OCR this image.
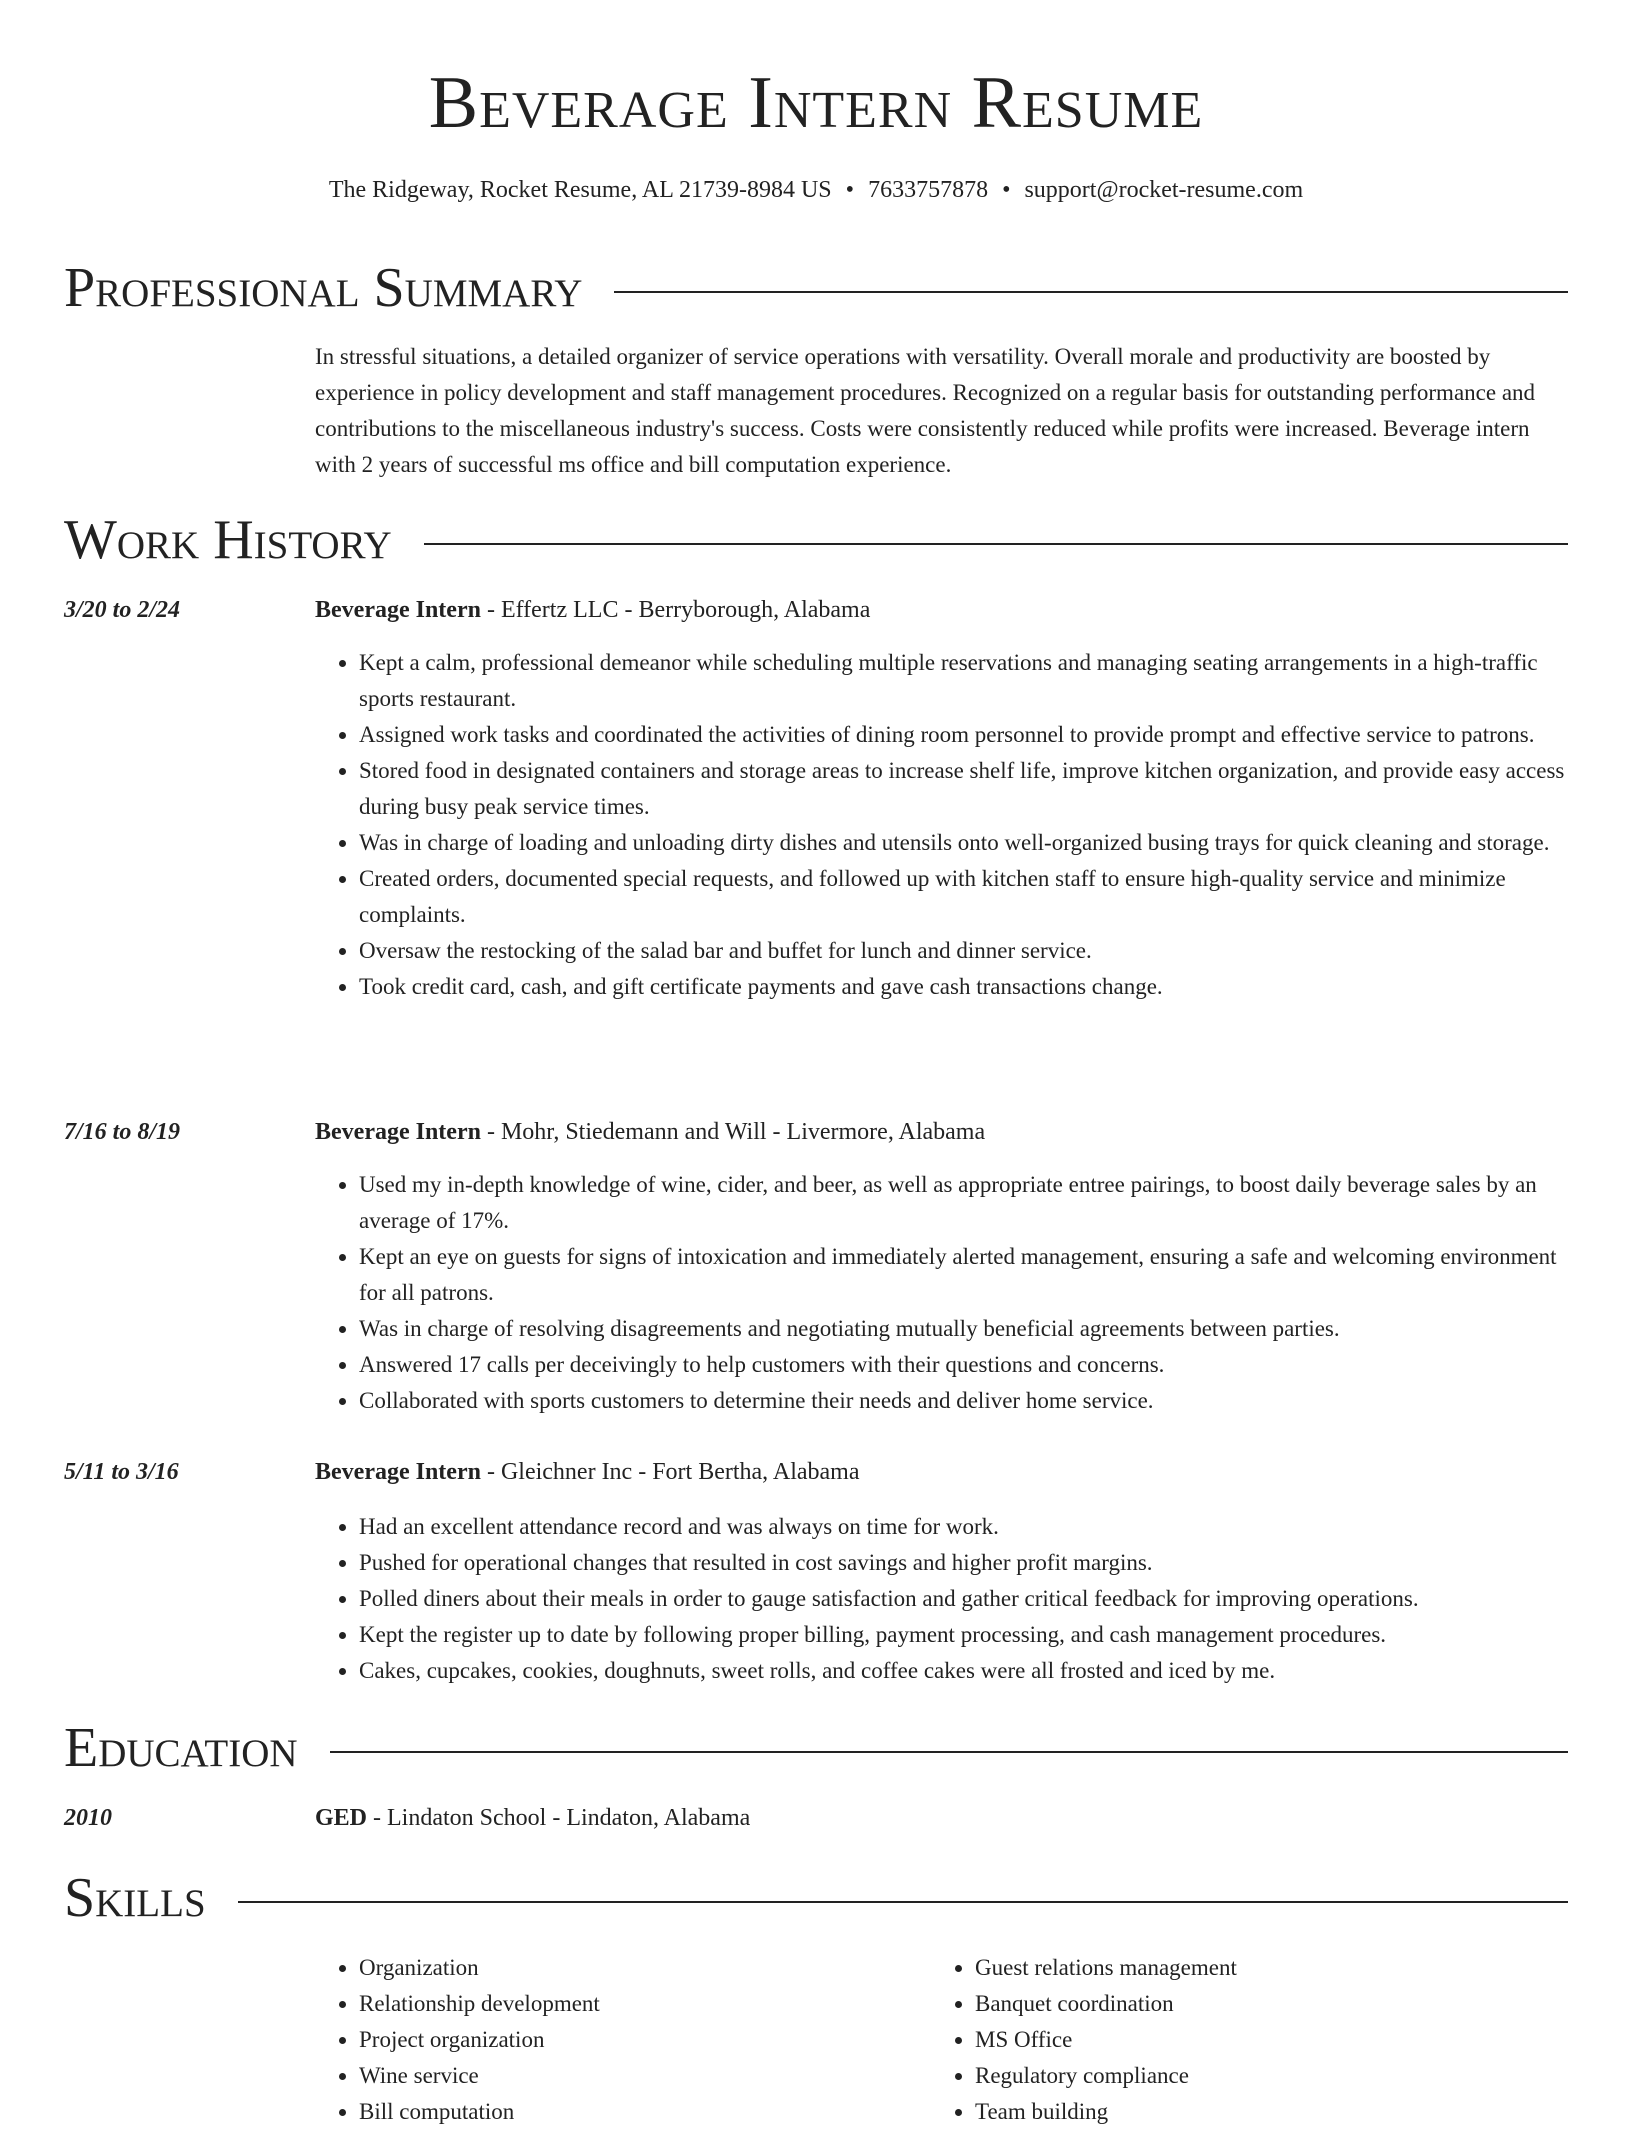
Beverage Intern Resume
The Ridgeway, Rocket Resume, AL 21739-8984 US • 7633757878 • support@rocket-resume.com
Professional Summary

In stressful situations, a detailed organizer of service operations with versatility. Overall morale and productivity are boosted by experience in policy development and staff management procedures. Recognized on a regular basis for outstanding performance and contributions to the miscellaneous industry's success. Costs were consistently reduced while profits were increased. Beverage intern with 2 years of successful ms office and bill computation experience.

Work History
3/20 to 2/24	Beverage Intern - Effertz LLC - Berryborough, Alabama
• Kept a calm, professional demeanor while scheduling multiple reservations and managing seating arrangements in a high-traffic sports restaurant.
• Assigned work tasks and coordinated the activities of dining room personnel to provide prompt and effective service to patrons.
• Stored food in designated containers and storage areas to increase shelf life, improve kitchen organization, and provide easy access during busy peak service times.
• Was in charge of loading and unloading dirty dishes and utensils onto well-organized busing trays for quick cleaning and storage.
• Created orders, documented special requests, and followed up with kitchen staff to ensure high-quality service and minimize complaints.
• Oversaw the restocking of the salad bar and buffet for lunch and dinner service.
• Took credit card, cash, and gift certificate payments and gave cash transactions change.
7/16 to 8/19	Beverage Intern - Mohr, Stiedemann and Will - Livermore, Alabama
• Used my in-depth knowledge of wine, cider, and beer, as well as appropriate entree pairings, to boost daily beverage sales by an average of 17%.
• Kept an eye on guests for signs of intoxication and immediately alerted management, ensuring a safe and welcoming environment for all patrons.
• Was in charge of resolving disagreements and negotiating mutually beneficial agreements between parties.
• Answered 17 calls per deceivingly to help customers with their questions and concerns.
• Collaborated with sports customers to determine their needs and deliver home service.
5/11 to 3/16	Beverage Intern - Gleichner Inc - Fort Bertha, Alabama
• Had an excellent attendance record and was always on time for work.
• Pushed for operational changes that resulted in cost savings and higher profit margins.
• Polled diners about their meals in order to gauge satisfaction and gather critical feedback for improving operations.
• Kept the register up to date by following proper billing, payment processing, and cash management procedures.
• Cakes, cupcakes, cookies, doughnuts, sweet rolls, and coffee cakes were all frosted and iced by me.
Education
2010	GED - Lindaton School - Lindaton, Alabama
Skills
• Organization
• Relationship development
• Project organization
• Wine service
• Bill computation
• Guest relations management
• Banquet coordination
• MS Office
• Regulatory compliance
• Team building
